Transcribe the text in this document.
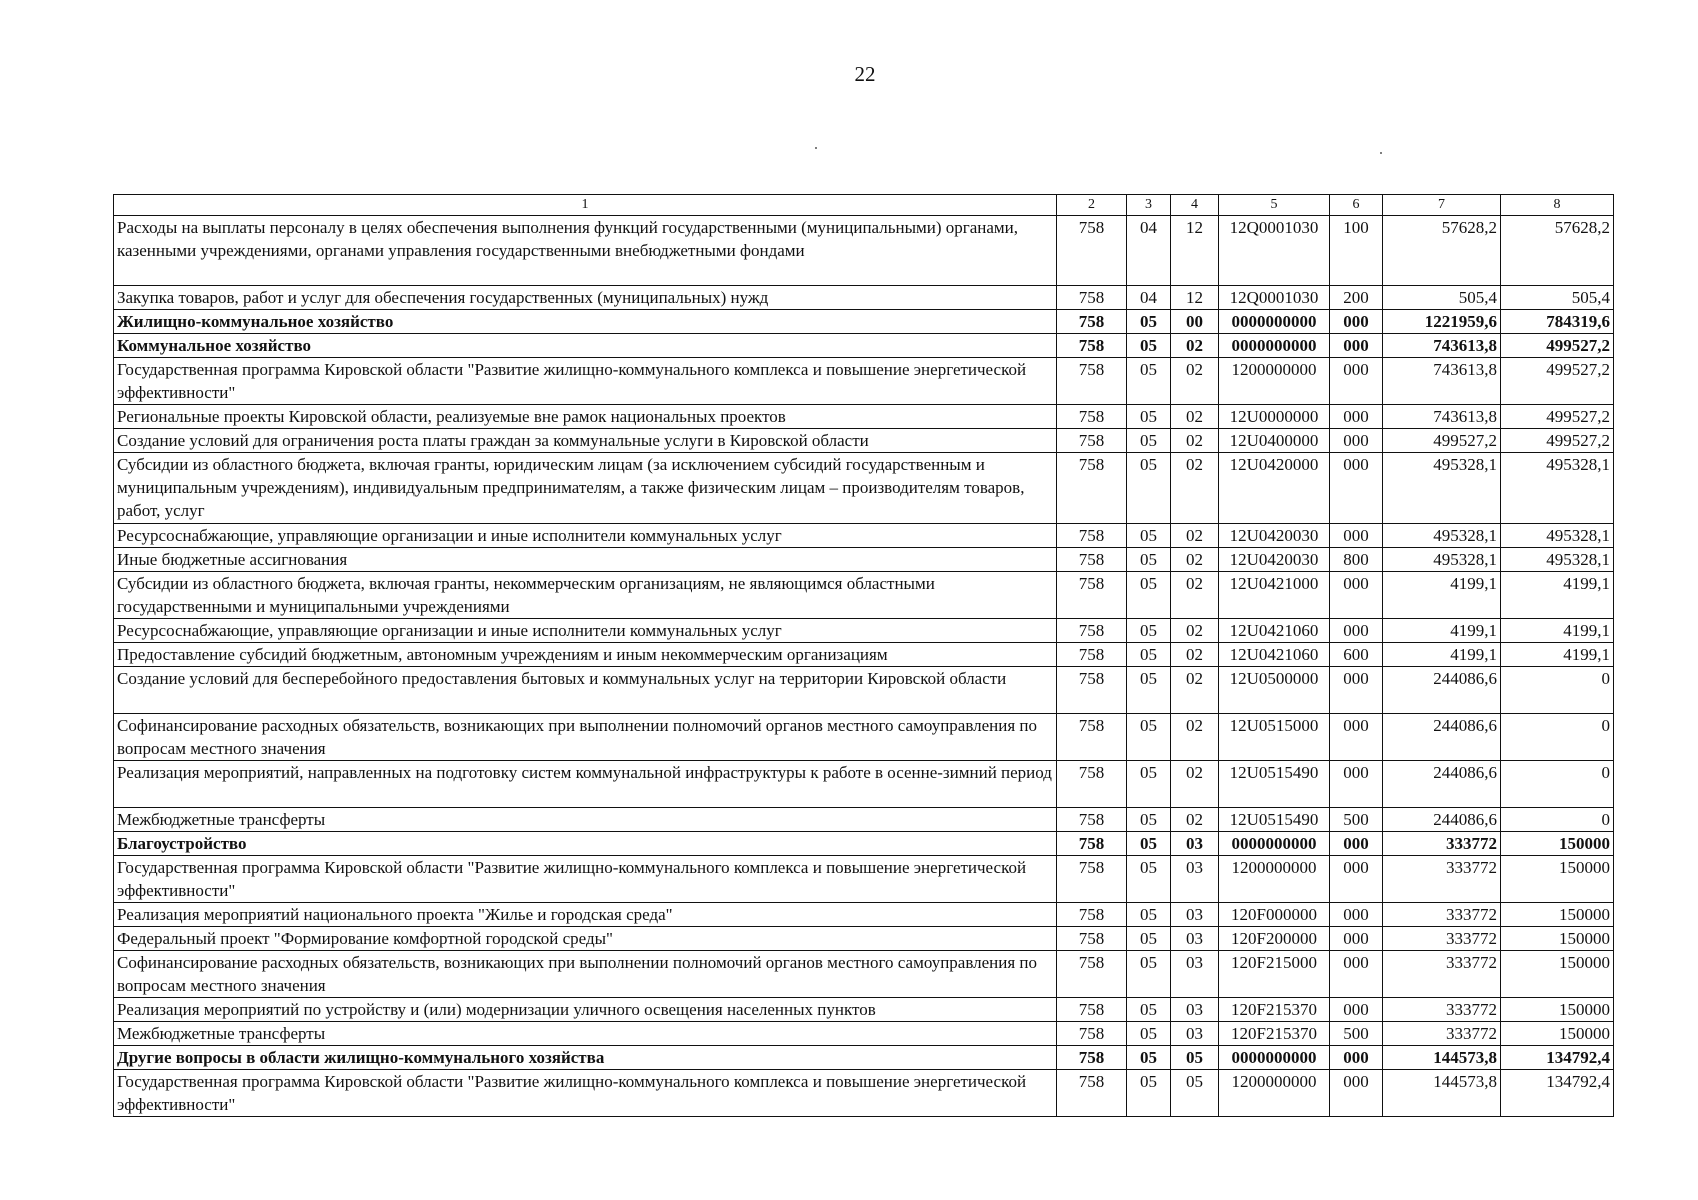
22
1	2	3	4	5	6	7	8
Расходы на выплаты персоналу в целях обеспечения выполнения функций государственными (муниципальными) органами, казенными учреждениями, органами управления государственными внебюджетными фондами	758	04	12	12Q0001030	100	57628,2	57628,2
Закупка товаров, работ и услуг для обеспечения государственных (муниципальных) нужд	758	04	12	12Q0001030	200	505,4	505,4
Жилищно-коммунальное хозяйство	758	05	00	0000000000	000	1221959,6	784319,6
Коммунальное хозяйство	758	05	02	0000000000	000	743613,8	499527,2
Государственная программа Кировской области "Развитие жилищно-коммунального комплекса и повышение энергетической эффективности"	758	05	02	1200000000	000	743613,8	499527,2
Региональные проекты Кировской области, реализуемые вне рамок национальных проектов	758	05	02	12U0000000	000	743613,8	499527,2
Создание условий для ограничения роста платы граждан за коммунальные услуги в Кировской области	758	05	02	12U0400000	000	499527,2	499527,2
Субсидии из областного бюджета, включая гранты, юридическим лицам (за исключением субсидий государственным и муниципальным учреждениям), индивидуальным предпринимателям, а также физическим лицам – производителям товаров, работ, услуг	758	05	02	12U0420000	000	495328,1	495328,1
Ресурсоснабжающие, управляющие организации и иные исполнители коммунальных услуг	758	05	02	12U0420030	000	495328,1	495328,1
Иные бюджетные ассигнования	758	05	02	12U0420030	800	495328,1	495328,1
Субсидии из областного бюджета, включая гранты, некоммерческим организациям, не являющимся областными государственными и муниципальными учреждениями	758	05	02	12U0421000	000	4199,1	4199,1
Ресурсоснабжающие, управляющие организации и иные исполнители коммунальных услуг	758	05	02	12U0421060	000	4199,1	4199,1
Предоставление субсидий бюджетным, автономным учреждениям и иным некоммерческим организациям	758	05	02	12U0421060	600	4199,1	4199,1
Создание условий для бесперебойного предоставления бытовых и коммунальных услуг на территории Кировской области	758	05	02	12U0500000	000	244086,6	0
Софинансирование расходных обязательств, возникающих при выполнении полномочий органов местного самоуправления по вопросам местного значения	758	05	02	12U0515000	000	244086,6	0
Реализация мероприятий, направленных на подготовку систем коммунальной инфраструктуры к работе в осенне-зимний период	758	05	02	12U0515490	000	244086,6	0
Межбюджетные трансферты	758	05	02	12U0515490	500	244086,6	0
Благоустройство	758	05	03	0000000000	000	333772	150000
Государственная программа Кировской области "Развитие жилищно-коммунального комплекса и повышение энергетической эффективности"	758	05	03	1200000000	000	333772	150000
Реализация мероприятий национального проекта "Жилье и городская среда"	758	05	03	120F000000	000	333772	150000
Федеральный проект "Формирование комфортной городской среды"	758	05	03	120F200000	000	333772	150000
Софинансирование расходных обязательств, возникающих при выполнении полномочий органов местного самоуправления по вопросам местного значения	758	05	03	120F215000	000	333772	150000
Реализация мероприятий по устройству и (или) модернизации уличного освещения населенных пунктов	758	05	03	120F215370	000	333772	150000
Межбюджетные трансферты	758	05	03	120F215370	500	333772	150000
Другие вопросы в области жилищно-коммунального хозяйства	758	05	05	0000000000	000	144573,8	134792,4
Государственная программа Кировской области "Развитие жилищно-коммунального комплекса и повышение энергетической эффективности"	758	05	05	1200000000	000	144573,8	134792,4
